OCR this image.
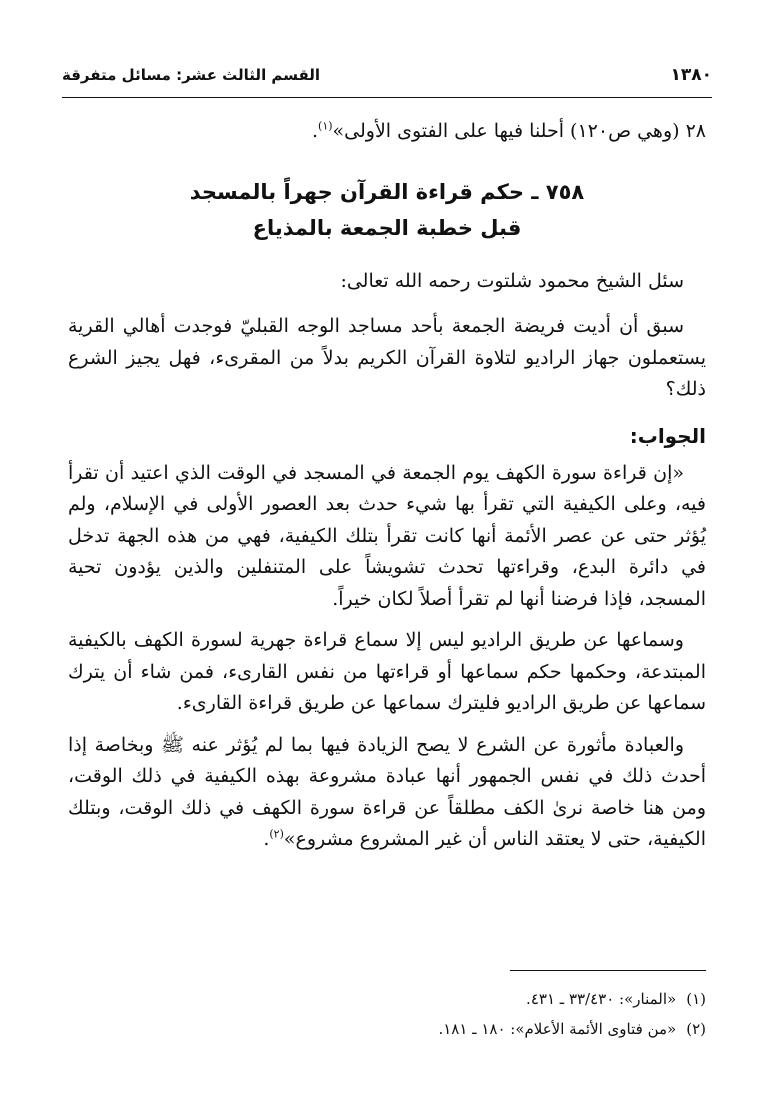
١٣٨٠
القسم الثالث عشر: مسائل متفرقة

٢٨ (وهي ص١٢٠) أحلنا فيها على الفتوى الأولى»$^{(١)}$.

٧٥٨ ـ حكم قراءة القرآن جهراً بالمسجد
قبل خطبة الجمعة بالمذياع

سئل الشيخ محمود شلتوت رحمه الله تعالى:

سبق أن أديت فريضة الجمعة بأحد مساجد الوجه القبليّ فوجدت أهالي القرية يستعملون جهاز الراديو لتلاوة القرآن الكريم بدلاً من المقرىء، فهل يجيز الشرع ذلك؟

الجواب:

«إن قراءة سورة الكهف يوم الجمعة في المسجد في الوقت الذي اعتيد أن تقرأ فيه، وعلى الكيفية التي تقرأ بها شيء حدث بعد العصور الأولى في الإسلام، ولم يُؤثر حتى عن عصر الأئمة أنها كانت تقرأ بتلك الكيفية، فهي من هذه الجهة تدخل في دائرة البدع، وقراءتها تحدث تشويشاً على المتنفلين والذين يؤدون تحية المسجد، فإذا فرضنا أنها لم تقرأ أصلاً لكان خيراً.

وسماعها عن طريق الراديو ليس إلا سماع قراءة جهرية لسورة الكهف بالكيفية المبتدعة، وحكمها حكم سماعها أو قراءتها من نفس القارىء، فمن شاء أن يترك سماعها عن طريق الراديو فليترك سماعها عن طريق قراءة القارىء.

والعبادة مأثورة عن الشرع لا يصح الزيادة فيها بما لم يُؤثر عنه ﷺ وبخاصة إذا أحدث ذلك في نفس الجمهور أنها عبادة مشروعة بهذه الكيفية في ذلك الوقت، ومن هنا خاصة نرىٰ الكف مطلقاً عن قراءة سورة الكهف في ذلك الوقت، وبتلك الكيفية، حتى لا يعتقد الناس أن غير المشروع مشروع»$^{(٢)}$.

(١)«المنار»: ٣٣/٤٣٠ ـ ٤٣١.
(٢)«من فتاوى الأئمة الأعلام»: ١٨٠ ـ ١٨١.
